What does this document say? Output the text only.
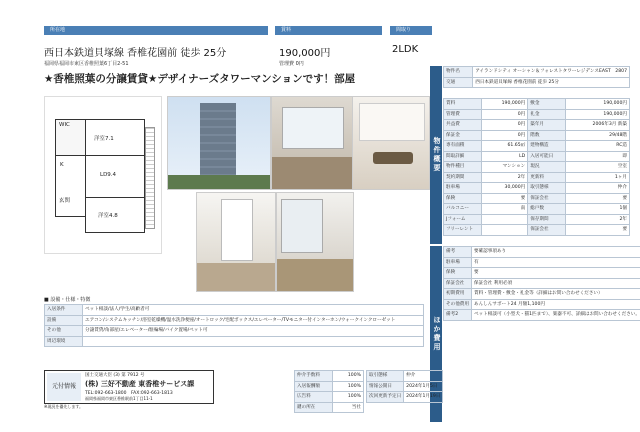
所在地	賃料	間取り
西日本鉄道貝塚線 香椎花園前 徒歩 25分	190,000円	2LDK
福岡県福岡市東区香椎照葉6丁目2-51	管理費 0円
★香椎照葉の分譲賃貸★デザイナーズタワーマンションです！部屋
WIC
洋室7.1
K
玄関
LD9.4
洋室4.8
物件概要
物件名	アイランドシティ オーシャン＆フォレストタワーレジデンスEAST　2807
交通	西日本鉄道貝塚線 香椎花園前 徒歩 25分
賃料	190,000円	敷金	190,000円
管理費	0円	礼金	190,000円
共益費	0円	築年月	2006年3月 新築
保証金	0円	階数	29/48階
専有面積	61.65㎡	建物構造	RC造
間取詳細	LD	入居可能日	即
物件種目	マンション	現況	空室
契約期間	2年	更新料	1ヶ月
駐車場	30,000円	取引態様	仲介
保険	要	保証会社	要
バルコニー	南	総戸数	1個
Jフォーム		保存期間	2年
フリーレント		保証会社	要
ほか費用
備考	要確認事項あり
駐車場	有
保険	要
保証会社	保証会社 利用必須
初期費用	賃料・管理費・敷金・礼金等（詳細はお問い合わせください）
その他費用	あんしんサポート24 月額1,100円
備考2	ペット相談可（小型犬・猫1匹まで）、楽器不可、詳細はお問い合わせください。
■ 設備・仕様・特徴
入居条件	ペット相談/法人/学生/高齢者可
設備	エアコン/システムキッチン/浴室乾燥機/温水洗浄便座/オートロック/宅配ボックス/エレベーター/TVモニター付インターホン/ウォークインクローゼット
その他	分譲賃貸/角部屋/エレベーター/駐輪場/バイク置場/ペット可
周辺環境	
元付情報
国土交通大臣 (3) 第 7912 号
(株) 三好不動産 東香椎サービス課
TEL:092-663-1800　FAX:092-663-1813
福岡県福岡市東区香椎駅前1丁目11-1
仲介手数料	100%
入居報酬額	100%
広告料	100%
鍵の所在	当社
取引態様	仲介
情報公開日	2024年1月5日
次回更新予定日	2024年1月19日
※現況を優先します。
